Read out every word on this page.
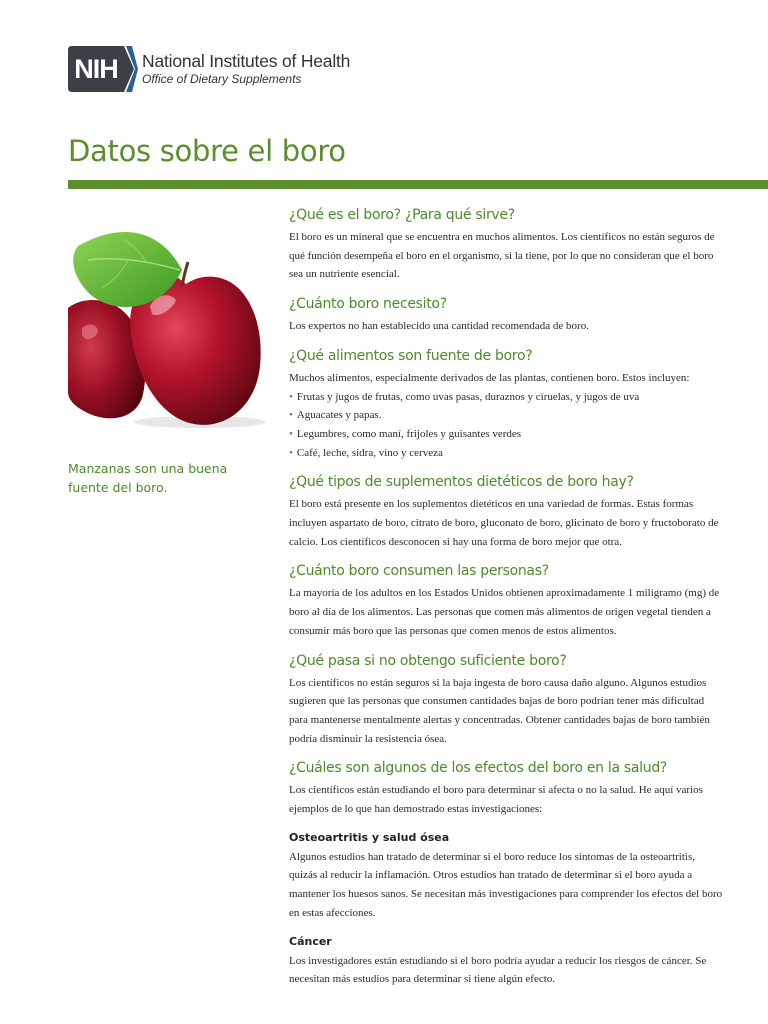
NIH	National Institutes of Health
Office of Dietary Supplements
Datos sobre el boro
Manzanas son una buena fuente del boro.
¿Qué es el boro? ¿Para qué sirve?

El boro es un mineral que se encuentra en muchos alimentos. Los científicos no están seguros de qué función desempeña el boro en el organismo, si la tiene, por lo que no consideran que el boro sea un nutriente esencial.

¿Cuánto boro necesito?

Los expertos no han establecido una cantidad recomendada de boro.

¿Qué alimentos son fuente de boro?

Muchos alimentos, especialmente derivados de las plantas, contienen boro. Estos incluyen:

• Frutas y jugos de frutas, como uvas pasas, duraznos y ciruelas, y jugos de uva
• Aguacates y papas.
• Legumbres, como maní, frijoles y guisantes verdes
• Café, leche, sidra, vino y cerveza
¿Qué tipos de suplementos dietéticos de boro hay?

El boro está presente en los suplementos dietéticos en una variedad de formas. Estas formas incluyen aspartato de boro, citrato de boro, gluconato de boro, glicinato de boro y fructoborato de calcio. Los científicos desconocen si hay una forma de boro mejor que otra.

¿Cuánto boro consumen las personas?

La mayoría de los adultos en los Estados Unidos obtienen aproximadamente 1 miligramo (mg) de boro al día de los alimentos. Las personas que comen más alimentos de origen vegetal tienden a consumir más boro que las personas que comen menos de estos alimentos.

¿Qué pasa si no obtengo suficiente boro?

Los científicos no están seguros si la baja ingesta de boro causa daño alguno. Algunos estudios sugieren que las personas que consumen cantidades bajas de boro podrían tener más dificultad para mantenerse mentalmente alertas y concentradas. Obtener cantidades bajas de boro también podría disminuir la resistencia ósea.

¿Cuáles son algunos de los efectos del boro en la salud?

Los científicos están estudiando el boro para determinar si afecta o no la salud. He aquí varios ejemplos de lo que han demostrado estas investigaciones:

Osteoartritis y salud ósea

Algunos estudios han tratado de determinar si el boro reduce los síntomas de la osteoartritis, quizás al reducir la inflamación. Otros estudios han tratado de determinar si el boro ayuda a mantener los huesos sanos. Se necesitan más investigaciones para comprender los efectos del boro en estas afecciones.

Cáncer

Los investigadores están estudiando si el boro podría ayudar a reducir los riesgos de cáncer. Se necesitan más estudios para determinar si tiene algún efecto.
